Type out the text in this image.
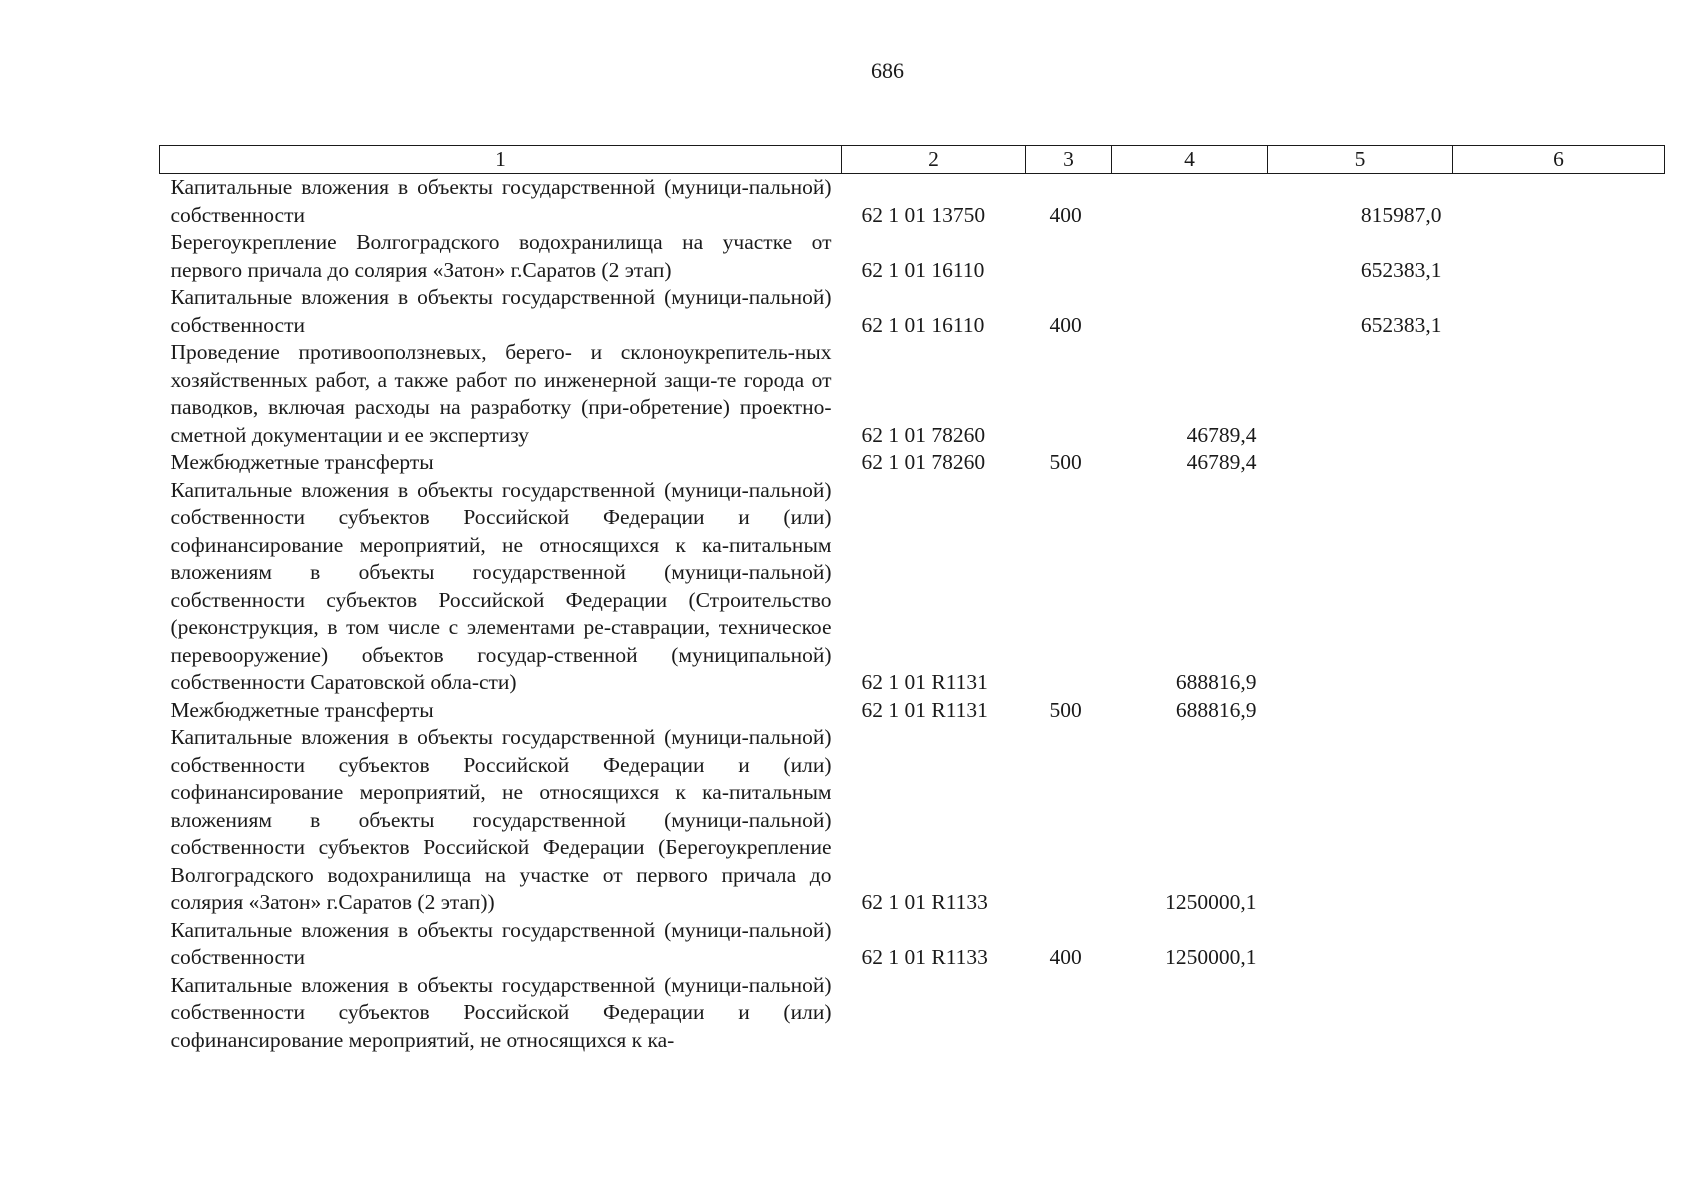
686
1	2	3	4	5	6
Капитальные вложения в объекты государственной (муници-пальной) собственности	62 1 01 13750	400		815987,0	
Берегоукрепление Волгоградского водохранилища на участке от первого причала до солярия «Затон» г.Саратов (2 этап)	62 1 01 16110			652383,1	
Капитальные вложения в объекты государственной (муници-пальной) собственности	62 1 01 16110	400		652383,1	
Проведение противооползневых, берего- и склоноукрепитель-ных хозяйственных работ, а также работ по инженерной защи-те города от паводков, включая расходы на разработку (при-обретение) проектно-сметной документации и ее экспертизу	62 1 01 78260		46789,4		
Межбюджетные трансферты	62 1 01 78260	500	46789,4		
Капитальные вложения в объекты государственной (муници-пальной) собственности субъектов Российской Федерации и (или) софинансирование мероприятий, не относящихся к ка-питальным вложениям в объекты государственной (муници-пальной) собственности субъектов Российской Федерации (Строительство (реконструкция, в том числе с элементами ре-ставрации, техническое перевооружение) объектов государ-ственной (муниципальной) собственности Саратовской обла-сти)	62 1 01 R1131		688816,9		
Межбюджетные трансферты	62 1 01 R1131	500	688816,9		
Капитальные вложения в объекты государственной (муници-пальной) собственности субъектов Российской Федерации и (или) софинансирование мероприятий, не относящихся к ка-питальным вложениям в объекты государственной (муници-пальной) собственности субъектов Российской Федерации (Берегоукрепление Волгоградского водохранилища на участке от первого причала до солярия «Затон» г.Саратов (2 этап))	62 1 01 R1133		1250000,1		
Капитальные вложения в объекты государственной (муници-пальной) собственности	62 1 01 R1133	400	1250000,1		
Капитальные вложения в объекты государственной (муници-пальной) собственности субъектов Российской Федерации и (или) софинансирование мероприятий, не относящихся к ка-					
